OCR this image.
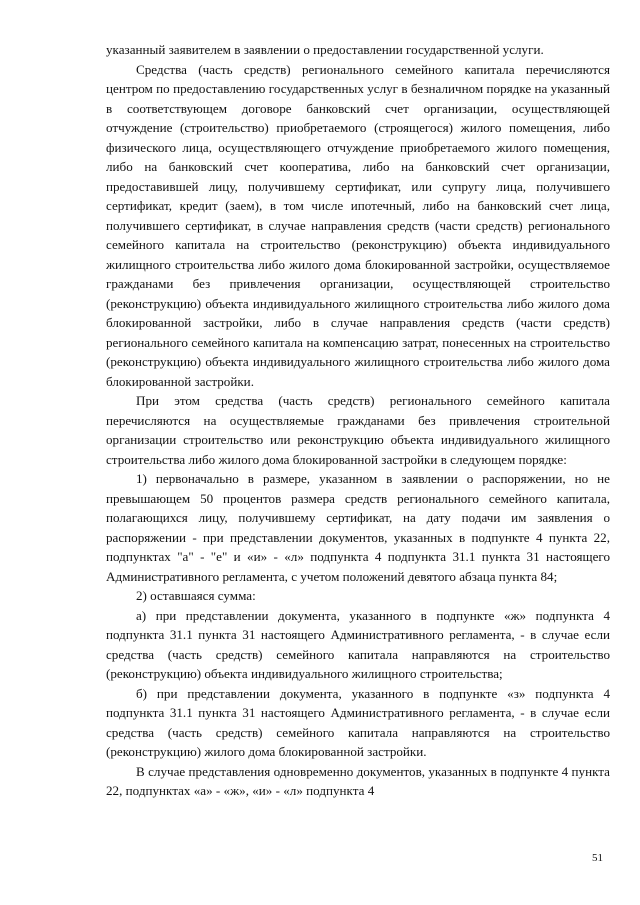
указанный заявителем в заявлении о предоставлении государственной услуги.

Средства (часть средств) регионального семейного капитала перечисляются центром по предоставлению государственных услуг в безналичном порядке на указанный в соответствующем договоре банковский счет организации, осуществляющей отчуждение (строительство) приобретаемого (строящегося) жилого помещения, либо физического лица, осуществляющего отчуждение приобретаемого жилого помещения, либо на банковский счет кооператива, либо на банковский счет организации, предоставившей лицу, получившему сертификат, или супругу лица, получившего сертификат, кредит (заем), в том числе ипотечный, либо на банковский счет лица, получившего сертификат, в случае направления средств (части средств) регионального семейного капитала на строительство (реконструкцию) объекта индивидуального жилищного строительства либо жилого дома блокированной застройки, осуществляемое гражданами без привлечения организации, осуществляющей строительство (реконструкцию) объекта индивидуального жилищного строительства либо жилого дома блокированной застройки, либо в случае направления средств (части средств) регионального семейного капитала на компенсацию затрат, понесенных на строительство (реконструкцию) объекта индивидуального жилищного строительства либо жилого дома блокированной застройки.

При этом средства (часть средств) регионального семейного капитала перечисляются на осуществляемые гражданами без привлечения строительной организации строительство или реконструкцию объекта индивидуального жилищного строительства либо жилого дома блокированной застройки в следующем порядке:

1) первоначально в размере, указанном в заявлении о распоряжении, но не превышающем 50 процентов размера средств регионального семейного капитала, полагающихся лицу, получившему сертификат, на дату подачи им заявления о распоряжении - при представлении документов, указанных в подпункте 4 пункта 22, подпунктах "а" - "е" и «и» - «л» подпункта 4 подпункта 31.1 пункта 31 настоящего Административного регламента, с учетом положений девятого абзаца пункта 84;

2) оставшаяся сумма:

а) при представлении документа, указанного в подпункте «ж» подпункта 4 подпункта 31.1 пункта 31 настоящего Административного регламента, - в случае если средства (часть средств) семейного капитала направляются на строительство (реконструкцию) объекта индивидуального жилищного строительства;

б) при представлении документа, указанного в подпункте «з» подпункта 4 подпункта 31.1 пункта 31 настоящего Административного регламента, - в случае если средства (часть средств) семейного капитала направляются на строительство (реконструкцию) жилого дома блокированной застройки.

В случае представления одновременно документов, указанных в подпункте 4 пункта 22, подпунктах «а» - «ж», «и» - «л» подпункта 4

51
